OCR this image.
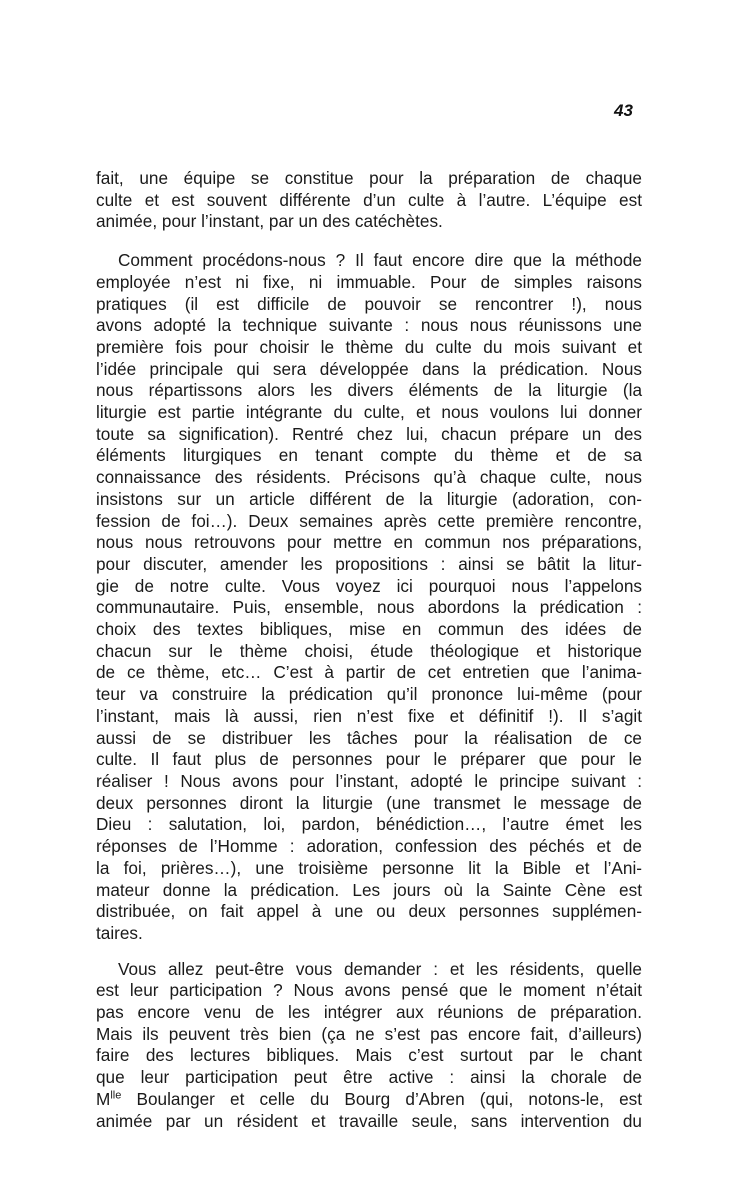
43
fait, une équipe se constitue pour la préparation de chaque
culte et est souvent différente d’un culte à l’autre. L’équipe est
animée, pour l’instant, par un des catéchètes.
Comment procédons-nous ? Il faut encore dire que la méthode
employée n’est ni fixe, ni immuable. Pour de simples raisons
pratiques (il est difficile de pouvoir se rencontrer !), nous
avons adopté la technique suivante : nous nous réunissons une
première fois pour choisir le thème du culte du mois suivant et
l’idée principale qui sera développée dans la prédication. Nous
nous répartissons alors les divers éléments de la liturgie (la
liturgie est partie intégrante du culte, et nous voulons lui donner
toute sa signification). Rentré chez lui, chacun prépare un des
éléments liturgiques en tenant compte du thème et de sa
connaissance des résidents. Précisons qu’à chaque culte, nous
insistons sur un article différent de la liturgie (adoration, con-
fession de foi…). Deux semaines après cette première rencontre,
nous nous retrouvons pour mettre en commun nos préparations,
pour discuter, amender les propositions : ainsi se bâtit la litur-
gie de notre culte. Vous voyez ici pourquoi nous l’appelons
communautaire. Puis, ensemble, nous abordons la prédication :
choix des textes bibliques, mise en commun des idées de
chacun sur le thème choisi, étude théologique et historique
de ce thème, etc… C’est à partir de cet entretien que l’anima-
teur va construire la prédication qu’il prononce lui-même (pour
l’instant, mais là aussi, rien n’est fixe et définitif !). Il s’agit
aussi de se distribuer les tâches pour la réalisation de ce
culte. Il faut plus de personnes pour le préparer que pour le
réaliser ! Nous avons pour l’instant, adopté le principe suivant :
deux personnes diront la liturgie (une transmet le message de
Dieu : salutation, loi, pardon, bénédiction…, l’autre émet les
réponses de l’Homme : adoration, confession des péchés et de
la foi, prières…), une troisième personne lit la Bible et l’Ani-
mateur donne la prédication. Les jours où la Sainte Cène est
distribuée, on fait appel à une ou deux personnes supplémen-
taires.
Vous allez peut-être vous demander : et les résidents, quelle
est leur participation ? Nous avons pensé que le moment n’était
pas encore venu de les intégrer aux réunions de préparation.
Mais ils peuvent très bien (ça ne s’est pas encore fait, d’ailleurs)
faire des lectures bibliques. Mais c’est surtout par le chant
que leur participation peut être active : ainsi la chorale de
$M^{lle}$ Boulanger et celle du Bourg d’Abren (qui, notons-le, est
animée par un résident et travaille seule, sans intervention du
